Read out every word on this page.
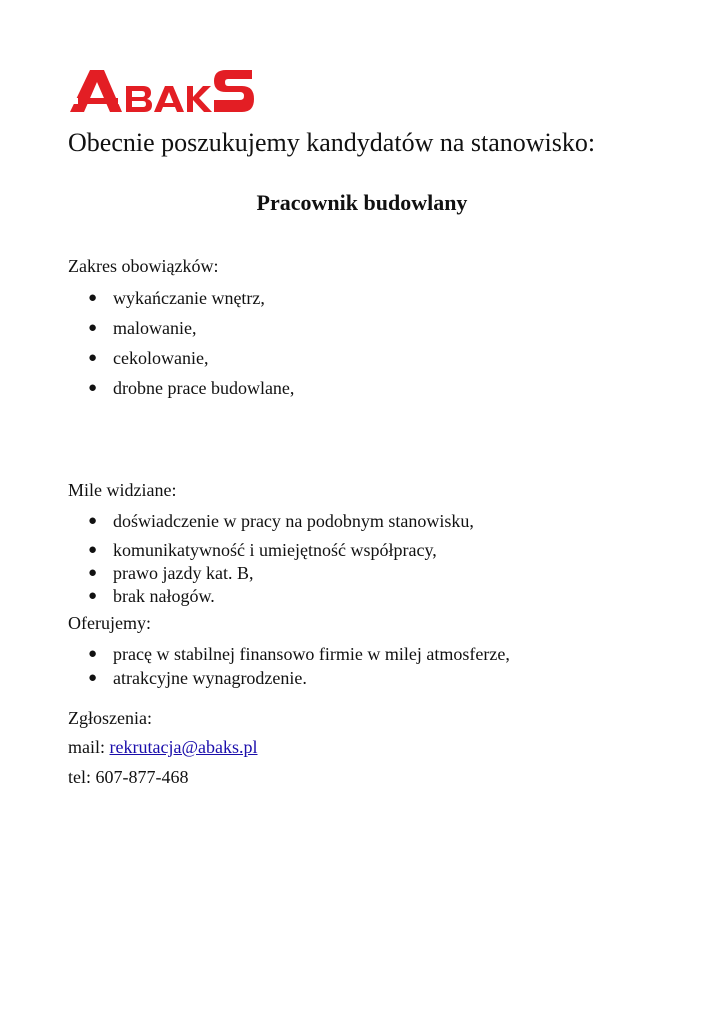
Obecnie poszukujemy kandydatów na stanowisko:
Pracownik budowlany

Zakres obowiązków:

● wykańczanie wnętrz,
● malowanie,
● cekolowanie,
● drobne prace budowlane,

Mile widziane:

● doświadczenie w pracy na podobnym stanowisku,
● komunikatywność i umiejętność współpracy,
● prawo jazdy kat. B,
● brak nałogów.

Oferujemy:

● pracę w stabilnej finansowo firmie w milej atmosferze,
● atrakcyjne wynagrodzenie.

Zgłoszenia:

mail: rekrutacja@abaks.pl

tel: 607-877-468
